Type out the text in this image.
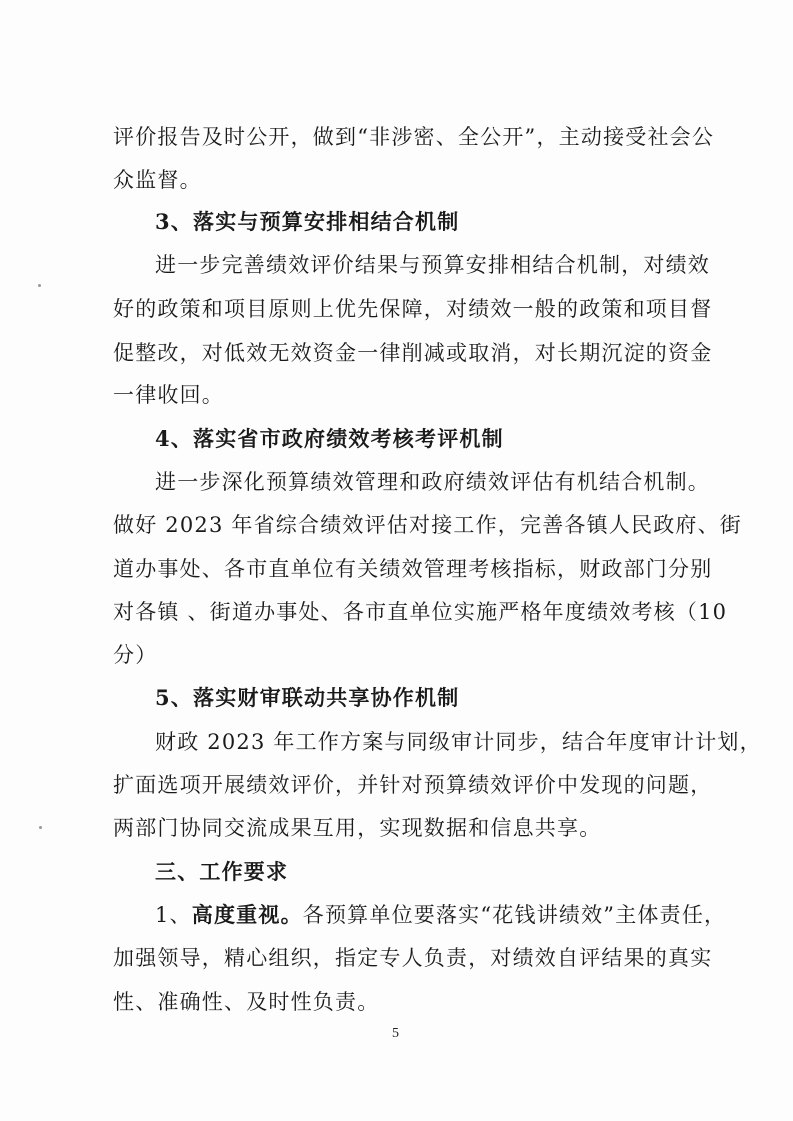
评价报告及时公开，做到“非涉密、全公开”，主动接受社会公
众监督。
3、落实与预算安排相结合机制
进一步完善绩效评价结果与预算安排相结合机制，对绩效
好的政策和项目原则上优先保障，对绩效一般的政策和项目督
促整改，对低效无效资金一律削减或取消，对长期沉淀的资金
一律收回。
4、落实省市政府绩效考核考评机制
进一步深化预算绩效管理和政府绩效评估有机结合机制。
做好 2023 年省综合绩效评估对接工作，完善各镇人民政府、街
道办事处、各市直单位有关绩效管理考核指标，财政部门分别
对各镇 、街道办事处、各市直单位实施严格年度绩效考核（10
分）
5、落实财审联动共享协作机制
财政 2023 年工作方案与同级审计同步，结合年度审计计划，
扩面选项开展绩效评价，并针对预算绩效评价中发现的问题，
两部门协同交流成果互用，实现数据和信息共享。
三、工作要求
1、高度重视。各预算单位要落实“花钱讲绩效”主体责任，
加强领导，精心组织，指定专人负责，对绩效自评结果的真实
性、准确性、及时性负责。
5
